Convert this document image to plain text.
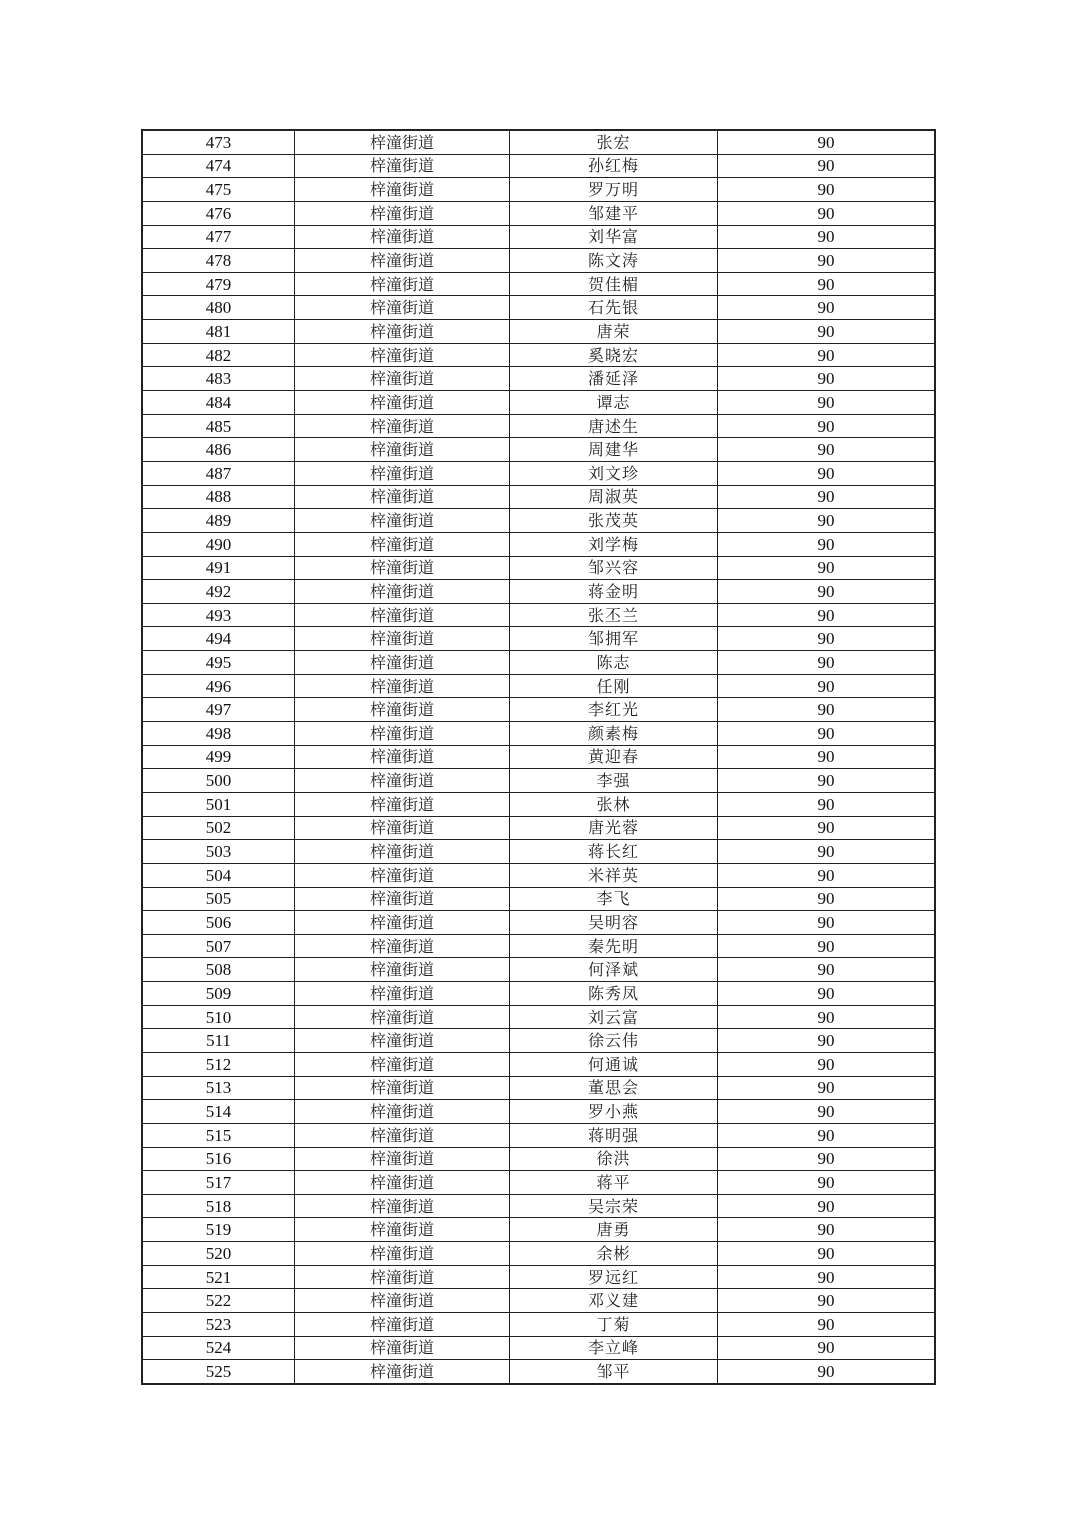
473	梓潼街道	张宏	90
474	梓潼街道	孙红梅	90
475	梓潼街道	罗万明	90
476	梓潼街道	邹建平	90
477	梓潼街道	刘华富	90
478	梓潼街道	陈文涛	90
479	梓潼街道	贺佳楣	90
480	梓潼街道	石先银	90
481	梓潼街道	唐荣	90
482	梓潼街道	奚晓宏	90
483	梓潼街道	潘延泽	90
484	梓潼街道	谭志	90
485	梓潼街道	唐述生	90
486	梓潼街道	周建华	90
487	梓潼街道	刘文珍	90
488	梓潼街道	周淑英	90
489	梓潼街道	张茂英	90
490	梓潼街道	刘学梅	90
491	梓潼街道	邹兴容	90
492	梓潼街道	蒋金明	90
493	梓潼街道	张丕兰	90
494	梓潼街道	邹拥军	90
495	梓潼街道	陈志	90
496	梓潼街道	任刚	90
497	梓潼街道	李红光	90
498	梓潼街道	颜素梅	90
499	梓潼街道	黄迎春	90
500	梓潼街道	李强	90
501	梓潼街道	张林	90
502	梓潼街道	唐光蓉	90
503	梓潼街道	蒋长红	90
504	梓潼街道	米祥英	90
505	梓潼街道	李飞	90
506	梓潼街道	吴明容	90
507	梓潼街道	秦先明	90
508	梓潼街道	何泽斌	90
509	梓潼街道	陈秀凤	90
510	梓潼街道	刘云富	90
511	梓潼街道	徐云伟	90
512	梓潼街道	何通诚	90
513	梓潼街道	董思会	90
514	梓潼街道	罗小燕	90
515	梓潼街道	蒋明强	90
516	梓潼街道	徐洪	90
517	梓潼街道	蒋平	90
518	梓潼街道	吴宗荣	90
519	梓潼街道	唐勇	90
520	梓潼街道	余彬	90
521	梓潼街道	罗远红	90
522	梓潼街道	邓义建	90
523	梓潼街道	丁菊	90
524	梓潼街道	李立峰	90
525	梓潼街道	邹平	90
